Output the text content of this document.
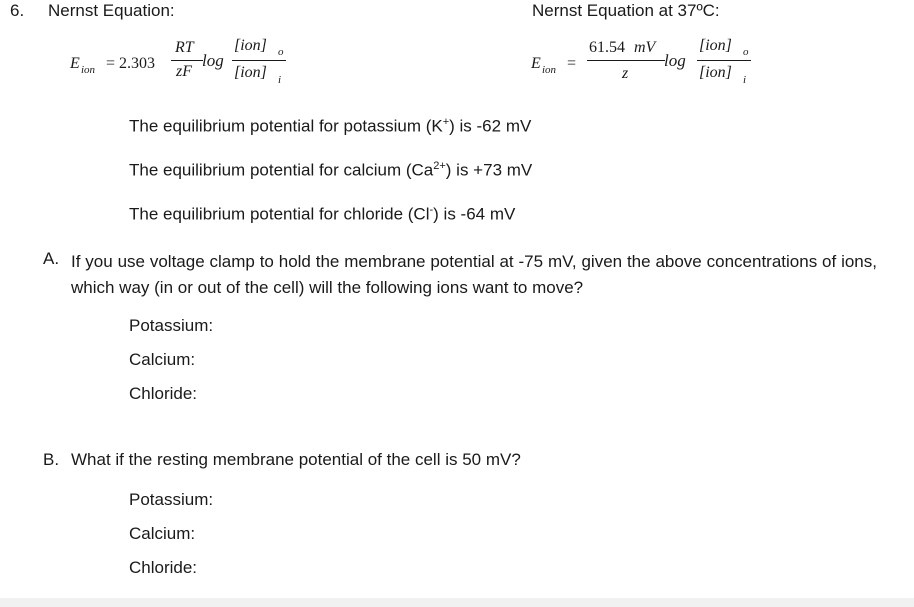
6. Nernst Equation:	Nernst Equation at 37ºC:
E ion = 2.303
RT
zF
log
[ion] o
[ion] i
E ion =
61.54 mV
z
log
[ion] o
[ion] i
The equilibrium potential for potassium (K+) is -62 mV
The equilibrium potential for calcium $(Ca^{2+})$ is +73 mV
The equilibrium potential for chloride (Cl-) is -64 mV
A. If you use voltage clamp to hold the membrane potential at -75 mV, given the above concentrations of ions, which way (in or out of the cell) will the following ions want to move?
Potassium:
Calcium:
Chloride:
B. What if the resting membrane potential of the cell is 50 mV?
Potassium:
Calcium:
Chloride:
